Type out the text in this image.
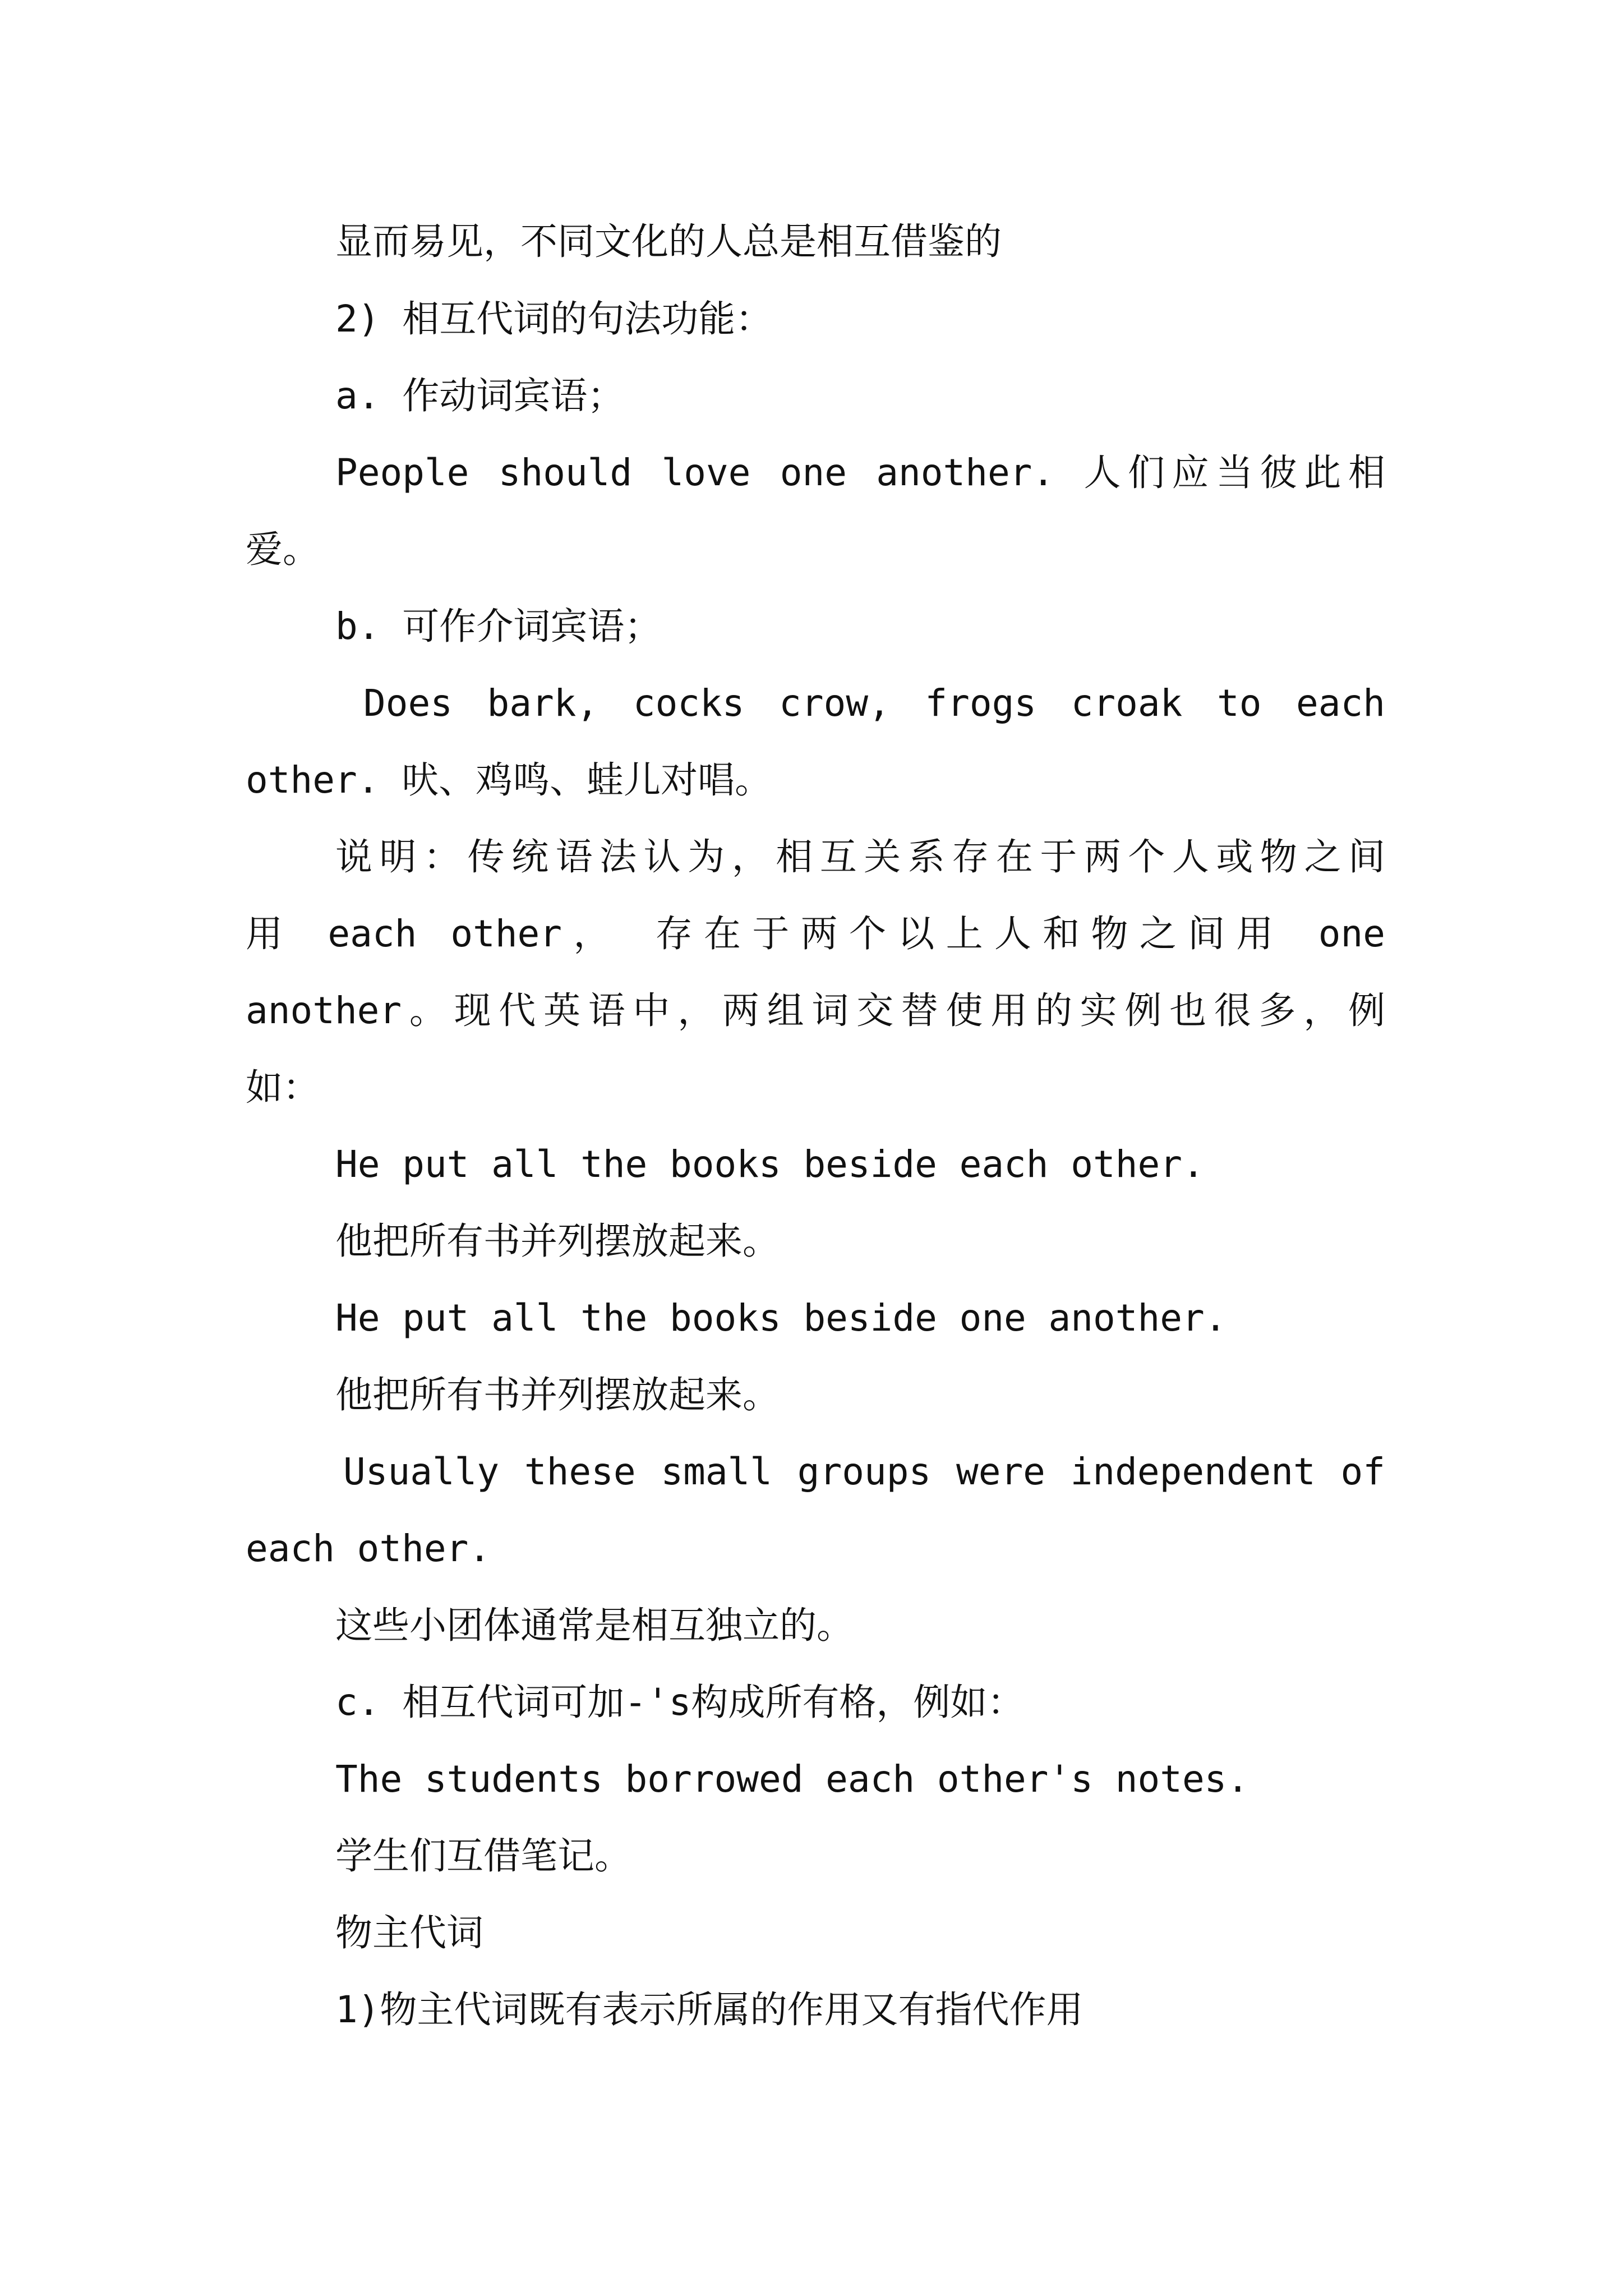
显而易见，不同文化的人总是相互借鉴的

2) 相互代词的句法功能：

a. 作动词宾语；

People should love one another. 人们应当彼此相

爱。

b. 可作介词宾语；

Does bark, cocks crow, frogs croak to each

other. 吠、鸡鸣、蛙儿对唱。

说明：传统语法认为，相互关系存在于两个人或物之间

用 each other， 存在于两个以上人和物之间用 one

another。现代英语中，两组词交替使用的实例也很多，例

如：

He put all the books beside each other.

他把所有书并列摆放起来。

He put all the books beside one another.

他把所有书并列摆放起来。

Usually these small groups were independent of

each other.

这些小团体通常是相互独立的。

c. 相互代词可加-'s构成所有格，例如：

The students borrowed each other's notes.

学生们互借笔记。

物主代词

1)物主代词既有表示所属的作用又有指代作用
